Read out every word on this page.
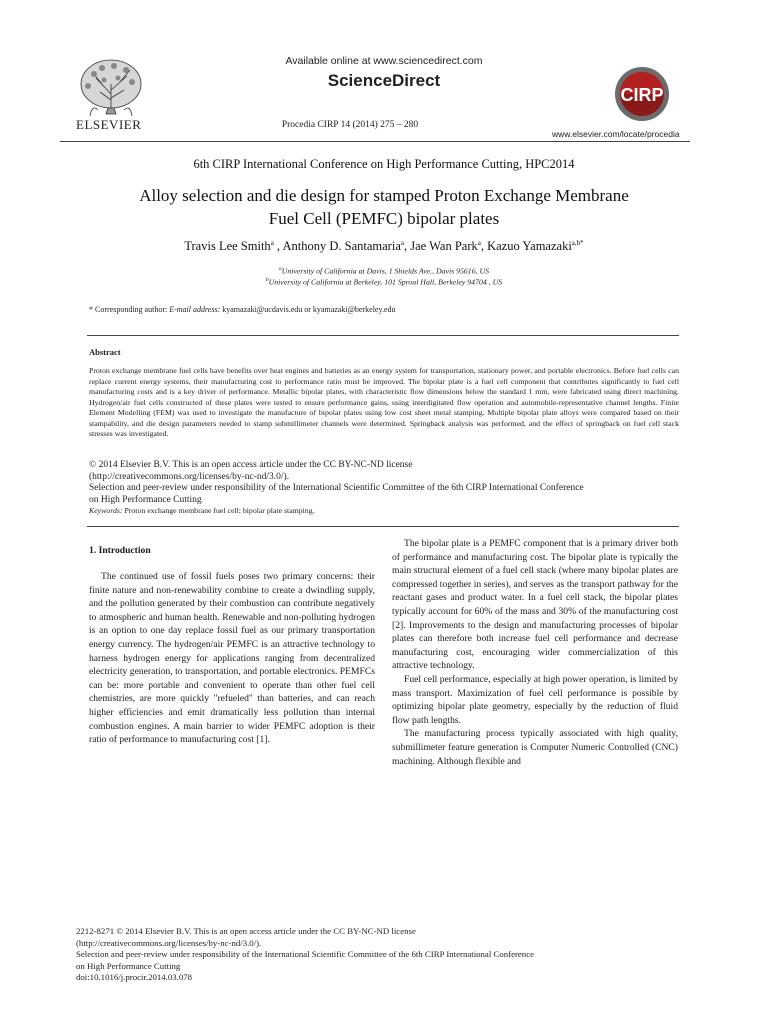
ELSEVIER
Available online at www.sciencedirect.com
ScienceDirect
Procedia CIRP 14 (2014) 275 – 280
CIRP
www.elsevier.com/locate/procedia
6th CIRP International Conference on High Performance Cutting, HPC2014
Alloy selection and die design for stamped Proton Exchange Membrane
Fuel Cell (PEMFC) bipolar plates
Travis Lee Smith$^a$ , Anthony D. Santamaria$^a$, Jae Wan Park$^a$, Kazuo Yamazaki$^{a,b*}$
$^a$University of California at Davis, 1 Shields Ave., Davis 95616, US
$^b$University of California at Berkeley, 101 Sproul Hall, Berkeley 94704 , US
* Corresponding author: E-mail address: kyamazaki@ucdavis.edu or kyamazaki@berkeley.edu
Abstract
Proton exchange membrane fuel cells have benefits over heat engines and batteries as an energy system for transportation, stationary power, and portable electronics. Before fuel cells can replace current energy systems, their manufacturing cost to performance ratio must be improved. The bipolar plate is a fuel cell component that contributes significantly to fuel cell manufacturing costs and is a key driver of performance. Metallic bipolar plates, with characteristic flow dimensions below the standard 1 mm, were fabricated using direct machining. Hydrogen/air fuel cells constructed of these plates were tested to ensure performance gains, using interdigitated flow operation and automobile-representative channel lengths. Finite Element Modelling (FEM) was used to investigate the manufacture of bipolar plates using low cost sheet metal stamping. Multiple bipolar plate alloys were compared based on their stampability, and die design parameters needed to stamp submillimeter channels were determined. Springback analysis was performed, and the effect of springback on fuel cell stack stresses was investigated.
© 2014 Elsevier B.V. This is an open access article under the CC BY-NC-ND license
(http://creativecommons.org/licenses/by-nc-nd/3.0/).
Selection and peer-review under responsibility of the International Scientific Committee of the 6th CIRP International Conference
on High Performance Cutting
Keywords: Proton exchange membrane fuel cell; bipolar plate stamping.
1. Introduction

The continued use of fossil fuels poses two primary concerns: their finite nature and non-renewability combine to create a dwindling supply, and the pollution generated by their combustion can contribute negatively to atmospheric and human health. Renewable and non-polluting hydrogen is an option to one day replace fossil fuel as our primary transportation energy currency. The hydrogen/air PEMFC is an attractive technology to harness hydrogen energy for applications ranging from decentralized electricity generation, to transportation, and portable electronics. PEMFCs can be: more portable and convenient to operate than other fuel cell chemistries, are more quickly "refueled" than batteries, and can reach higher efficiencies and emit dramatically less pollution than internal combustion engines. A main barrier to wider PEMFC adoption is their ratio of performance to manufacturing cost [1].

The bipolar plate is a PEMFC component that is a primary driver both of performance and manufacturing cost. The bipolar plate is typically the main structural element of a fuel cell stack (where many bipolar plates are compressed together in series), and serves as the transport pathway for the reactant gases and product water. In a fuel cell stack, the bipolar plates typically account for 60% of the mass and 30% of the manufacturing cost [2]. Improvements to the design and manufacturing processes of bipolar plates can therefore both increase fuel cell performance and decrease manufacturing cost, encouraging wider commercialization of this attractive technology.

Fuel cell performance, especially at high power operation, is limited by mass transport. Maximization of fuel cell performance is possible by optimizing bipolar plate geometry, especially by the reduction of fluid flow path lengths.

The manufacturing process typically associated with high quality, submillimeter feature generation is Computer Numeric Controlled (CNC) machining. Although flexible and

2212-8271 © 2014 Elsevier B.V. This is an open access article under the CC BY-NC-ND license
(http://creativecommons.org/licenses/by-nc-nd/3.0/).
Selection and peer-review under responsibility of the International Scientific Committee of the 6th CIRP International Conference
on High Performance Cutting
doi:10.1016/j.procir.2014.03.078
